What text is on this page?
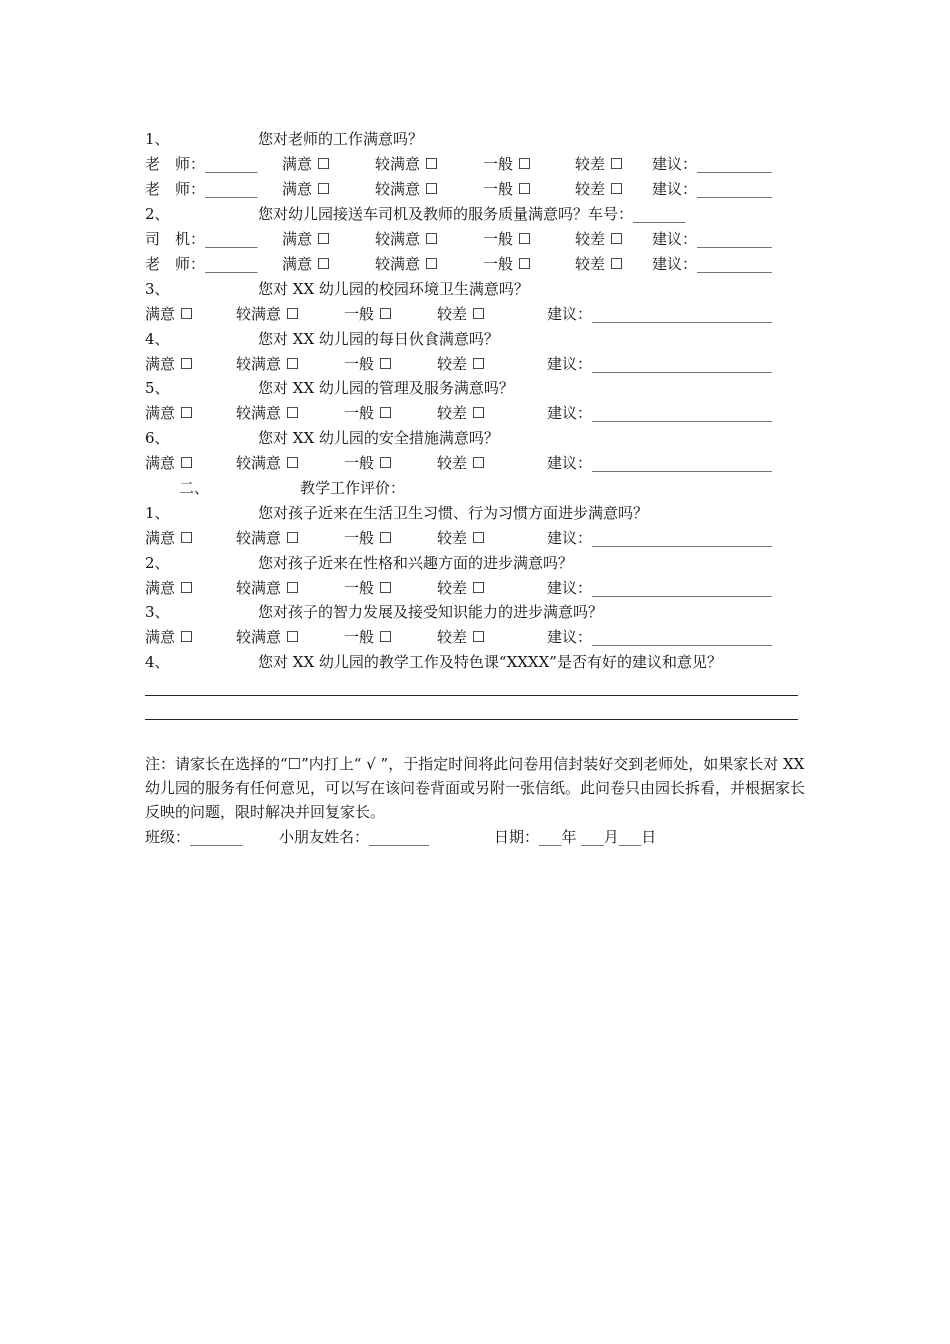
1、	您对老师的工作满意吗？
老　师：_______ 满意 ☐	较满意 ☐	一般 ☐	较差 ☐ 建议：__________
老　师：_______ 满意 ☐	较满意 ☐	一般 ☐	较差 ☐ 建议：__________
2、	您对幼儿园接送车司机及教师的服务质量满意吗？车号：_______
司　机：_______ 满意 ☐	较满意 ☐	一般 ☐	较差 ☐ 建议：__________
老　师：_______ 满意 ☐	较满意 ☐	一般 ☐	较差 ☐ 建议：__________
3、	您对 XX 幼儿园的校园环境卫生满意吗？
满意 ☐	较满意 ☐	一般 ☐	较差 ☐	建议：________________________
4、	您对 XX 幼儿园的每日伙食满意吗？
满意 ☐	较满意 ☐	一般 ☐	较差 ☐	建议：________________________
5、	您对 XX 幼儿园的管理及服务满意吗？
满意 ☐	较满意 ☐	一般 ☐	较差 ☐	建议：________________________
6、	您对 XX 幼儿园的安全措施满意吗？
满意 ☐	较满意 ☐	一般 ☐	较差 ☐	建议：________________________
二、	教学工作评价：
1、	您对孩子近来在生活卫生习惯、行为习惯方面进步满意吗？
满意 ☐	较满意 ☐	一般 ☐	较差 ☐	建议：________________________
2、	您对孩子近来在性格和兴趣方面的进步满意吗？
满意 ☐	较满意 ☐	一般 ☐	较差 ☐	建议：________________________
3、	您对孩子的智力发展及接受知识能力的进步满意吗？
满意 ☐	较满意 ☐	一般 ☐	较差 ☐	建议：________________________
4、	您对 XX 幼儿园的教学工作及特色课“XXXX”是否有好的建议和意见？
注：请家长在选择的“☐”内打上“ √ ”，于指定时间将此问卷用信封装好交到老师处，如果家长对 XX 幼儿园的服务有任何意见，可以写在该问卷背面或另附一张信纸。此问卷只由园长拆看，并根据家长反映的问题，限时解决并回复家长。
班级：_______ 小朋友姓名：________	日期：___年 ___月___日
